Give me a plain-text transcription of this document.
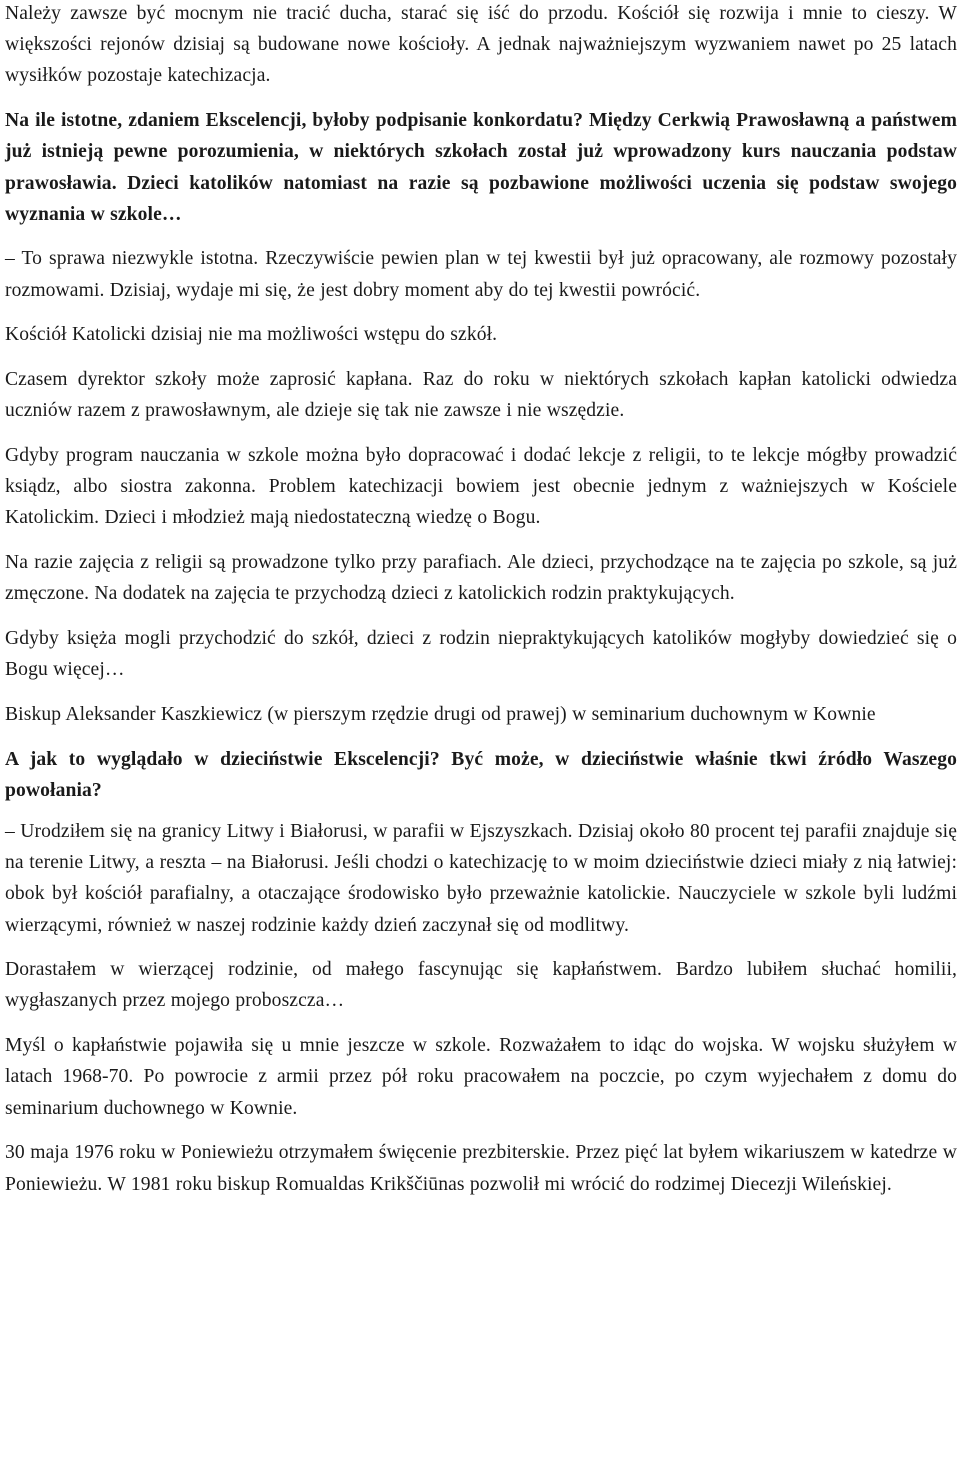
Należy zawsze być mocnym nie tracić ducha, starać się iść do przodu. Kościół się rozwija i mnie to cieszy. W większości rejonów dzisiaj są budowane nowe kościoły. A jednak najważniejszym wyzwaniem nawet po 25 latach wysiłków pozostaje katechizacja.

Na ile istotne, zdaniem Ekscelencji, byłoby podpisanie konkordatu? Między Cerkwią Prawosławną a państwem już istnieją pewne porozumienia, w niektórych szkołach został już wprowadzony kurs nauczania podstaw prawosławia. Dzieci katolików natomiast na razie są pozbawione możliwości uczenia się podstaw swojego wyznania w szkole…

– To sprawa niezwykle istotna. Rzeczywiście pewien plan w tej kwestii był już opracowany, ale rozmowy pozostały rozmowami. Dzisiaj, wydaje mi się, że jest dobry moment aby do tej kwestii powrócić.

Kościół Katolicki dzisiaj nie ma możliwości wstępu do szkół.

Czasem dyrektor szkoły może zaprosić kapłana. Raz do roku w niektórych szkołach kapłan katolicki odwiedza uczniów razem z prawosławnym, ale dzieje się tak nie zawsze i nie wszędzie.

Gdyby program nauczania w szkole można było dopracować i dodać lekcje z religii, to te lekcje mógłby prowadzić ksiądz, albo siostra zakonna. Problem katechizacji bowiem jest obecnie jednym z ważniejszych w Kościele Katolickim. Dzieci i młodzież mają niedostateczną wiedzę o Bogu.

Na razie zajęcia z religii są prowadzone tylko przy parafiach. Ale dzieci, przychodzące na te zajęcia po szkole, są już zmęczone. Na dodatek na zajęcia te przychodzą dzieci z katolickich rodzin praktykujących.

Gdyby księża mogli przychodzić do szkół, dzieci z rodzin niepraktykujących katolików mogłyby dowiedzieć się o Bogu więcej…

Biskup Aleksander Kaszkiewicz (w pierszym rzędzie drugi od prawej) w seminarium duchownym w Kownie

A jak to wyglądało w dzieciństwie Ekscelencji? Być może, w dzieciństwie właśnie tkwi źródło Waszego powołania?

– Urodziłem się na granicy Litwy i Białorusi, w parafii w Ejszyszkach. Dzisiaj około 80 procent tej parafii znajduje się na terenie Litwy, a reszta – na Białorusi. Jeśli chodzi o katechizację to w moim dzieciństwie dzieci miały z nią łatwiej: obok był kościół parafialny, a otaczające środowisko było przeważnie katolickie. Nauczyciele w szkole byli ludźmi wierzącymi, również w naszej rodzinie każdy dzień zaczynał się od modlitwy.

Dorastałem w wierzącej rodzinie, od małego fascynując się kapłaństwem. Bardzo lubiłem słuchać homilii, wygłaszanych przez mojego proboszcza…

Myśl o kapłaństwie pojawiła się u mnie jeszcze w szkole. Rozważałem to idąc do wojska. W wojsku służyłem w latach 1968-70. Po powrocie z armii przez pół roku pracowałem na poczcie, po czym wyjechałem z domu do seminarium duchownego w Kownie.

30 maja 1976 roku w Poniewieżu otrzymałem święcenie prezbiterskie. Przez pięć lat byłem wikariuszem w katedrze w Poniewieżu. W 1981 roku biskup Romualdas Krikščiūnas pozwolił mi wrócić do rodzimej Diecezji Wileńskiej.
